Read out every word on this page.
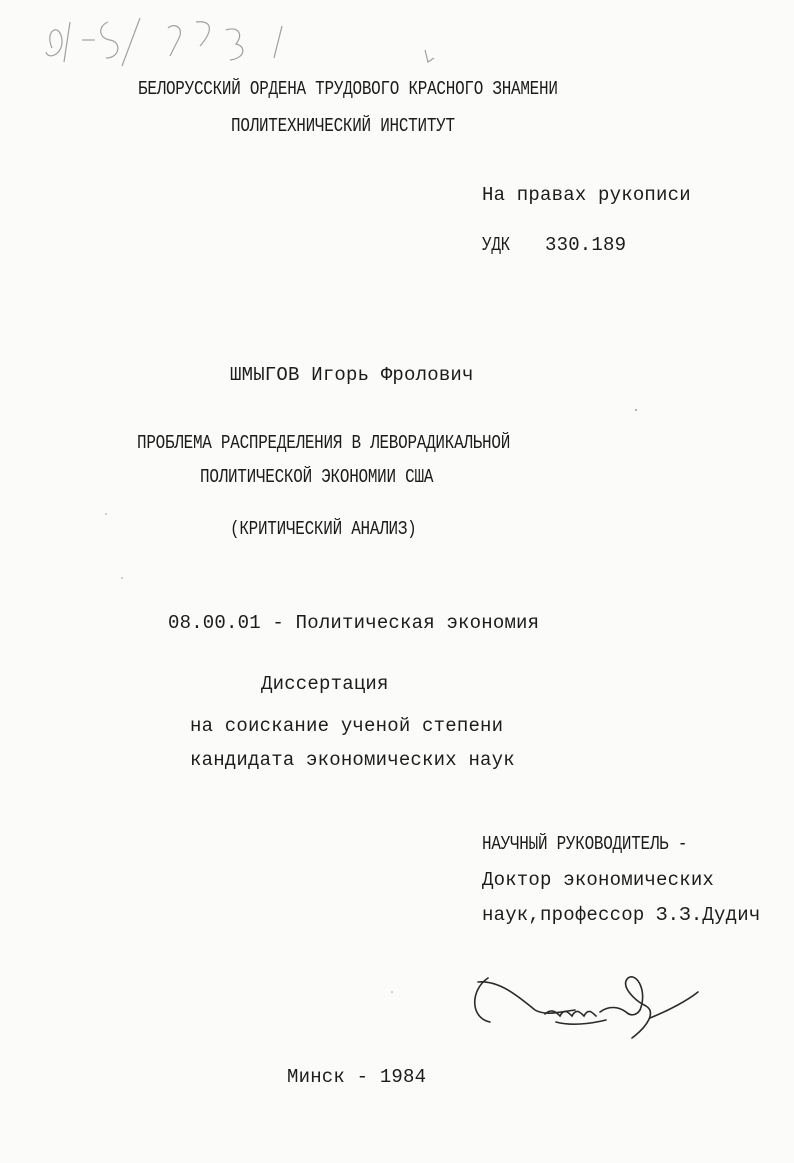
БЕЛОРУССКИЙ ОРДЕНА ТРУДОВОГО КРАСНОГО ЗНАМЕНИ
ПОЛИТЕХНИЧЕСКИЙ ИНСТИТУТ
На правах рукописи
УДК 330.189
ШМЫГОВ Игорь Фролович
ПРОБЛЕМА РАСПРЕДЕЛЕНИЯ В ЛЕВОРАДИКАЛЬНОЙ
ПОЛИТИЧЕСКОЙ ЭКОНОМИИ США
(КРИТИЧЕСКИЙ АНАЛИЗ)
08.00.01 - Политическая экономия
Диссертация
на соискание ученой степени
кандидата экономических наук
НАУЧНЫЙ РУКОВОДИТЕЛЬ -
Доктор экономических
наук,профессор З.З.Дудич
Минск - 1984
